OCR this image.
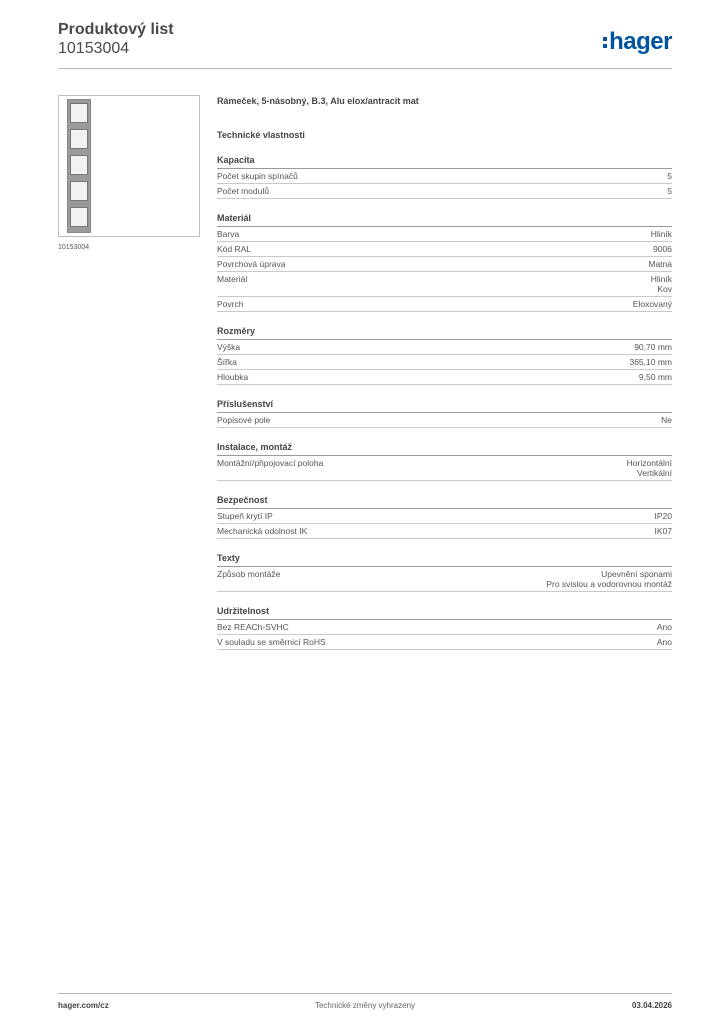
Produktový list
10153004	hager
10153004
Rámeček, 5-násobný, B.3, Alu elox/antracit mat
Technické vlastnosti
Kapacita
Počet skupin spínačů	5
Počet modulů	5
Materiál
Barva	Hliník
Kód RAL	9006
Povrchová úprava	Matná
Materiál	Hliník
Kov
Povrch	Eloxovaný
Rozměry
Výška	90,70 mm
Šířka	365,10 mm
Hloubka	9,50 mm
Příslušenství
Popisové pole	Ne
Instalace, montáž
Montážní/připojovací poloha	Horizontální
Vertikální
Bezpečnost
Stupeň krytí IP	IP20
Mechanická odolnost IK	IK07
Texty
Způsob montáže	Upevnění sponami
Pro svislou a vodorovnou montáž
Udržitelnost
Bez REACh-SVHC	Ano
V souladu se směrnicí RoHS	Ano
hager.com/cz	Technické změny vyhrazeny	03.04.2026
